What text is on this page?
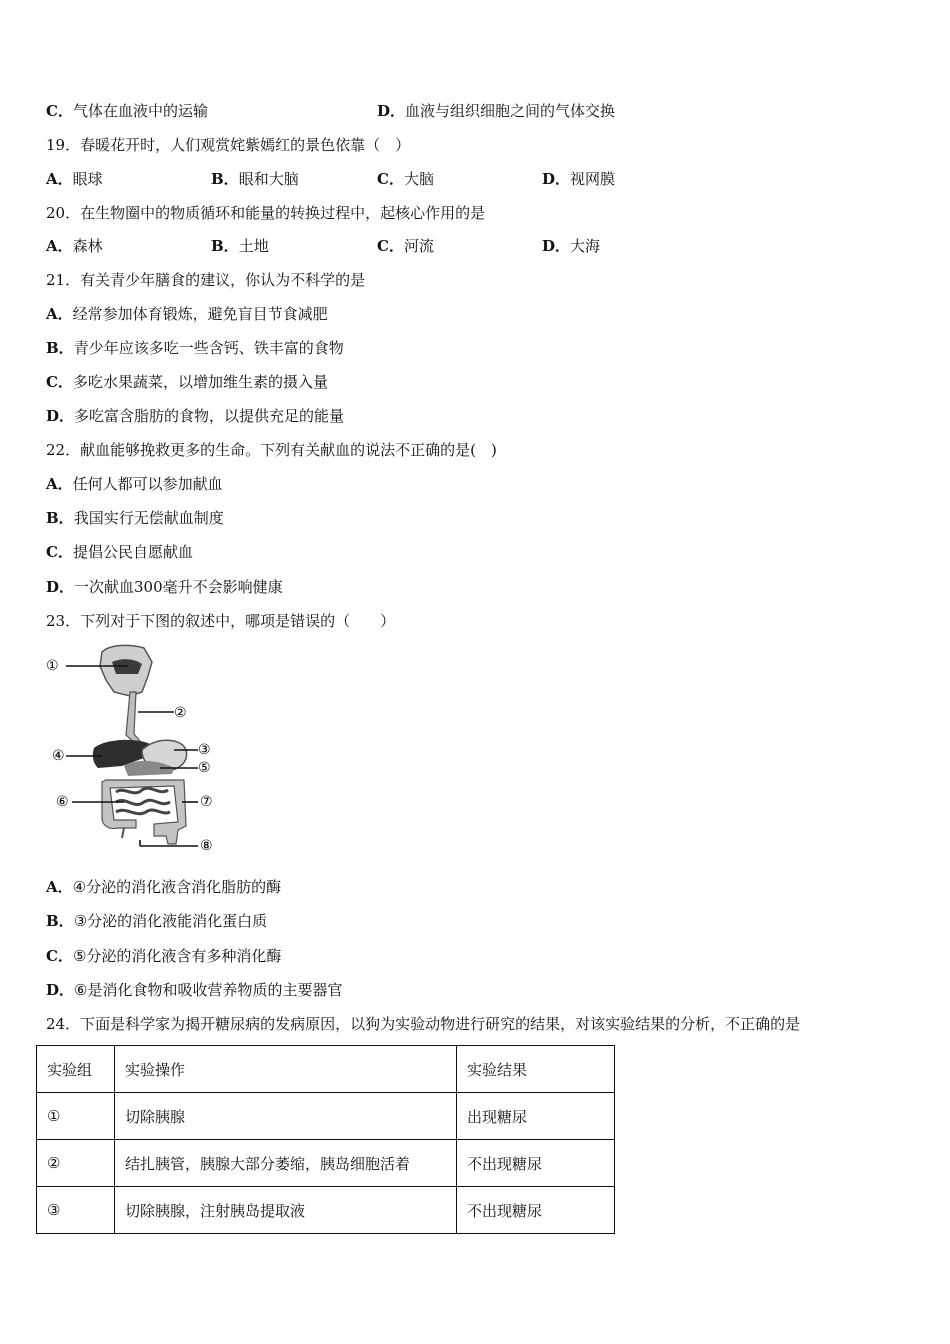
C．气体在血液中的运输	D．血液与组织细胞之间的气体交换
19．春暖花开时，人们观赏姹紫嫣红的景色依靠（　）
A．眼球	B．眼和大脑	C．大脑	D．视网膜
20．在生物圈中的物质循环和能量的转换过程中，起核心作用的是
A．森林	B．土地	C．河流	D．大海
21．有关青少年膳食的建议，你认为不科学的是
A．经常参加体育锻炼，避免盲目节食减肥
B．青少年应该多吃一些含钙、铁丰富的食物
C．多吃水果蔬菜，以增加维生素的摄入量
D．多吃富含脂肪的食物，以提供充足的能量
22．献血能够挽救更多的生命。下列有关献血的说法不正确的是(　)
A．任何人都可以参加献血
B．我国实行无偿献血制度
C．提倡公民自愿献血
D．一次献血300毫升不会影响健康
23．下列对于下图的叙述中，哪项是错误的（　　）
①
②
③
④
⑤
⑥	⑦
⑧
A．④分泌的消化液含消化脂肪的酶
B．③分泌的消化液能消化蛋白质
C．⑤分泌的消化液含有多种消化酶
D．⑥是消化食物和吸收营养物质的主要器官
24．下面是科学家为揭开糖尿病的发病原因，以狗为实验动物进行研究的结果，对该实验结果的分析，不正确的是
实验组	实验操作	实验结果
①	切除胰腺	出现糖尿
②	结扎胰管，胰腺大部分萎缩，胰岛细胞活着	不出现糖尿
③	切除胰腺，注射胰岛提取液	不出现糖尿
